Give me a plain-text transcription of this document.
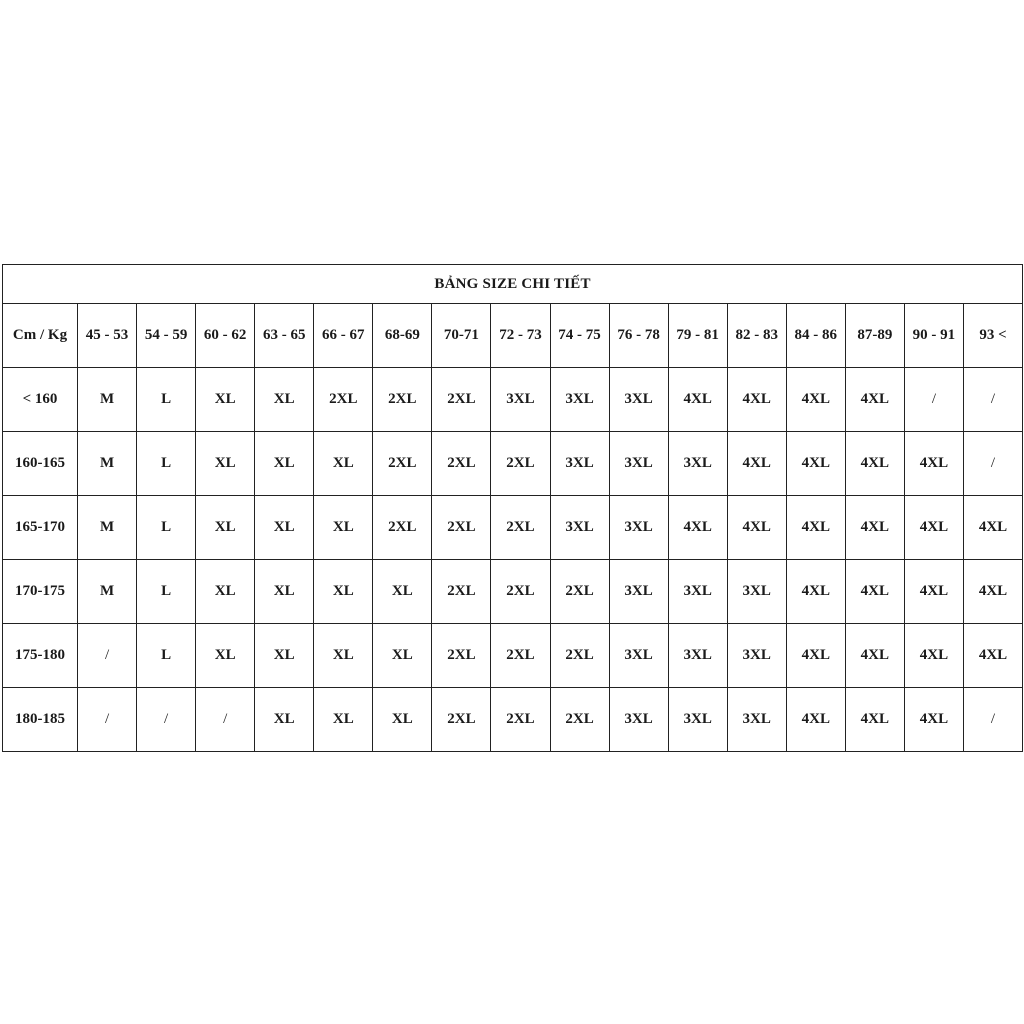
BẢNG SIZE CHI TIẾT																
Cm / Kg	45 - 53	54 - 59	60 - 62	63 - 65	66 - 67	68-69	70-71	72 - 73	74 - 75	76 - 78	79 - 81	82 - 83	84 - 86	87-89	90 - 91	93 <
< 160	M	L	XL	XL	2XL	2XL	2XL	3XL	3XL	3XL	4XL	4XL	4XL	4XL	/	/
160-165	M	L	XL	XL	XL	2XL	2XL	2XL	3XL	3XL	3XL	4XL	4XL	4XL	4XL	/
165-170	M	L	XL	XL	XL	2XL	2XL	2XL	3XL	3XL	4XL	4XL	4XL	4XL	4XL	4XL
170-175	M	L	XL	XL	XL	XL	2XL	2XL	2XL	3XL	3XL	3XL	4XL	4XL	4XL	4XL
175-180	/	L	XL	XL	XL	XL	2XL	2XL	2XL	3XL	3XL	3XL	4XL	4XL	4XL	4XL
180-185	/	/	/	XL	XL	XL	2XL	2XL	2XL	3XL	3XL	3XL	4XL	4XL	4XL	/
